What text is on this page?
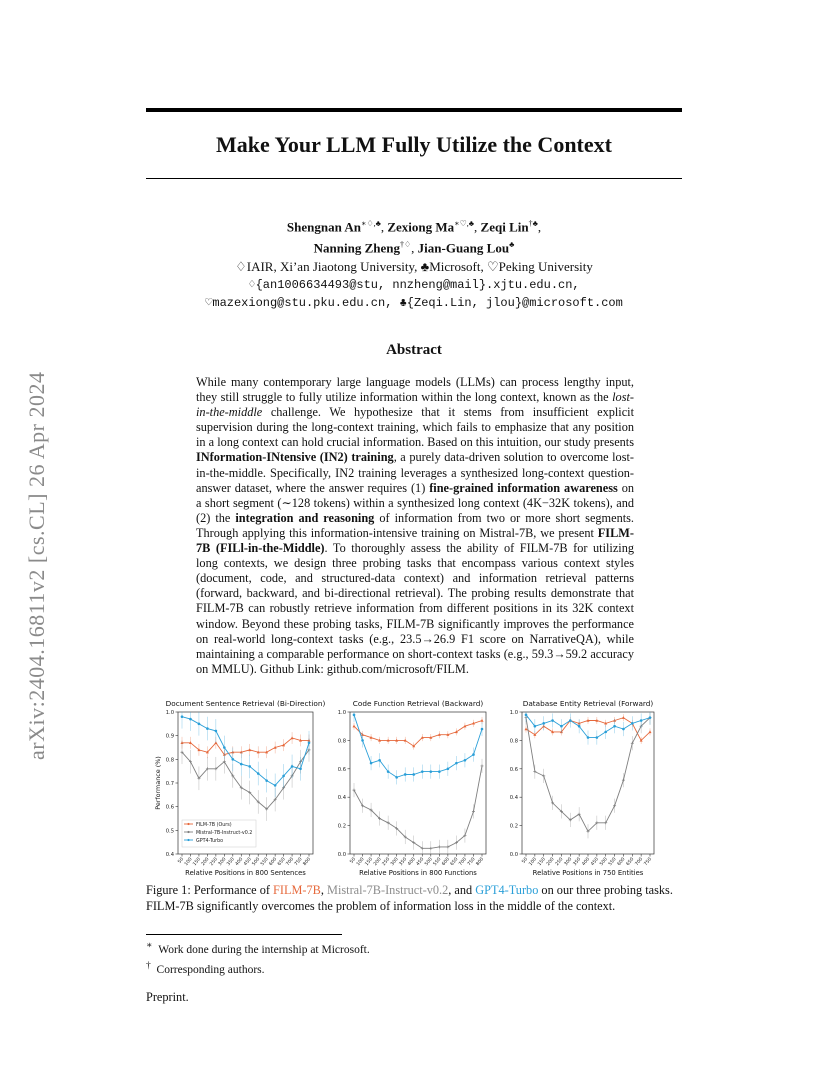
arXiv:2404.16811v2 [cs.CL] 26 Apr 2024
Make Your LLM Fully Utilize the Context
Shengnan An∗♢,♣, Zexiong Ma∗♡,♣, Zeqi Lin†♣,
Nanning Zheng†♢, Jian-Guang Lou♣
♢IAIR, Xi’an Jiaotong University, ♣Microsoft, ♡Peking University
♢{an1006634493@stu, nnzheng@mail}.xjtu.edu.cn,
♡mazexiong@stu.pku.edu.cn, ♣{Zeqi.Lin, jlou}@microsoft.com
Abstract

While many contemporary large language models (LLMs) can process lengthy input, they still struggle to fully utilize information within the long context, known as the lost-in-the-middle challenge. We hypothesize that it stems from insufficient explicit supervision during the long-context training, which fails to emphasize that any position in a long context can hold crucial information. Based on this intuition, our study presents INformation-INtensive (IN2) training, a purely data-driven solution to overcome lost-in-the-middle. Specifically, IN2 training leverages a synthesized long-context question-answer dataset, where the answer requires (1) fine-grained information awareness on a short segment (∼128 tokens) within a synthesized long context (4K−32K tokens), and (2) the integration and reasoning of information from two or more short segments. Through applying this information-intensive training on Mistral-7B, we present FILM-7B (FILl-in-the-Middle). To thoroughly assess the ability of FILM-7B for utilizing long contexts, we design three probing tasks that encompass various context styles (document, code, and structured-data context) and information retrieval patterns (forward, backward, and bi-directional retrieval). The probing results demonstrate that FILM-7B can robustly retrieve information from different positions in its 32K context window. Beyond these probing tasks, FILM-7B significantly improves the performance on real-world long-context tasks (e.g., 23.5→26.9 F1 score on NarrativeQA), while maintaining a comparable performance on short-context tasks (e.g., 59.3→59.2 accuracy on MMLU). Github Link: github.com/microsoft/FILM.

Document Sentence Retrieval (Bi-Direction)
0.4
0.5
0.6
0.7
0.8
0.9
1.0
50
100
150
200
250
300
350
400
450
500
550
600
650
700
750
800
Relative Positions in 800 Sentences
Performance (%)
FILM-7B (Ours)
Mistral-7B-Instruct-v0.2
GPT4-Turbo
Code Function Retrieval (Backward)
0.0
0.2
0.4
0.6
0.8
1.0
50 100 150 200 250 300 350 400 450 500 550 600 650 700 750 800
Relative Positions in 800 Functions
Database Entity Retrieval (Forward)
0.0
0.2
0.4
0.6
0.8
1.0
50 100 150 200 250 300 350 400 450 500 550 600 650 700 750
Relative Positions in 750 Entities
Figure 1: Performance of FILM-7B, Mistral-7B-Instruct-v0.2, and GPT4-Turbo on our three probing tasks. FILM-7B significantly overcomes the problem of information loss in the middle of the context.
∗ Work done during the internship at Microsoft.
† Corresponding authors.
Preprint.
